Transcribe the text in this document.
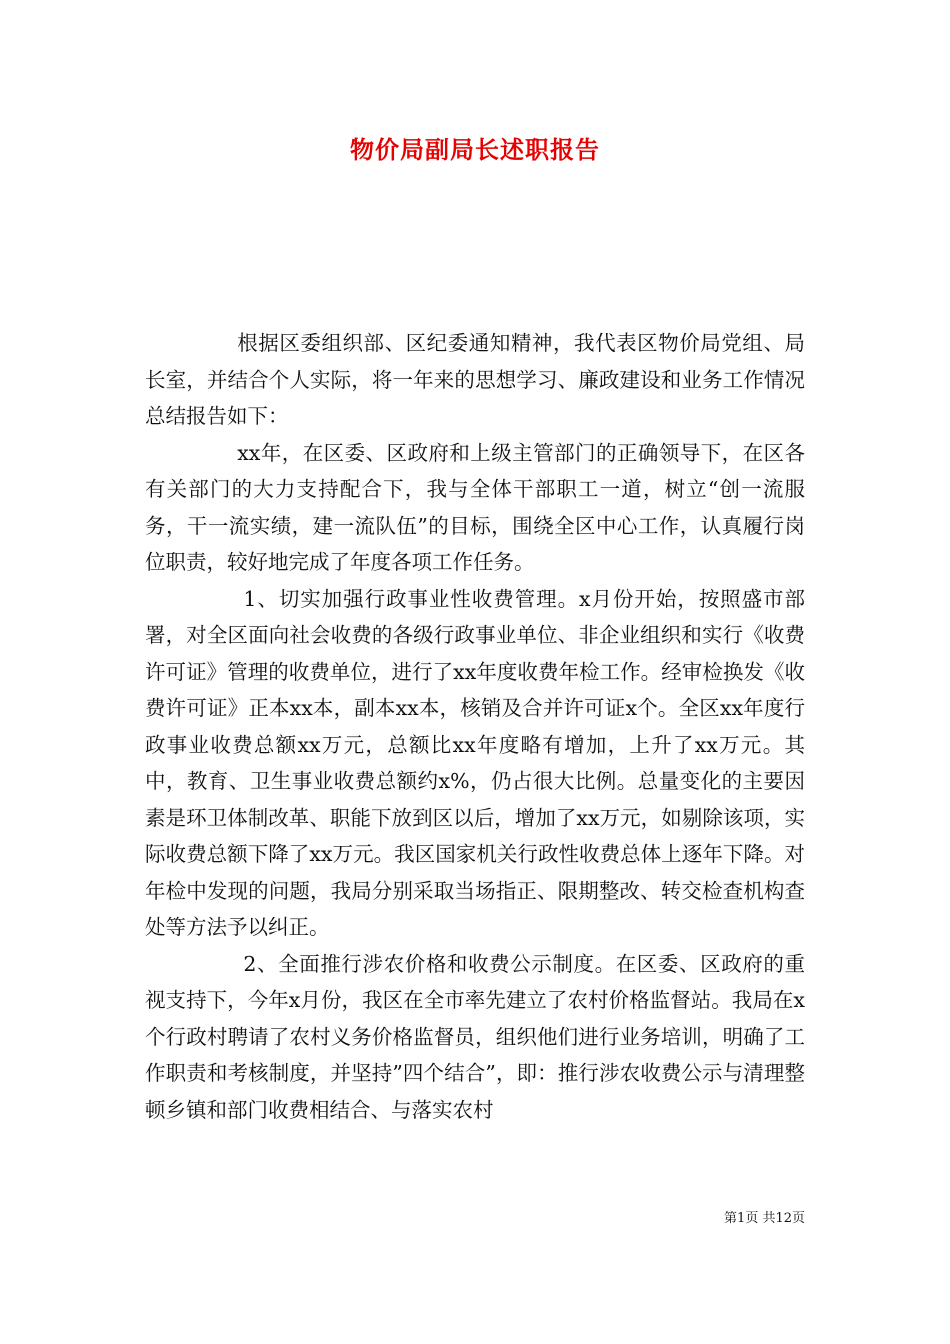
物价局副局长述职报告

根据区委组织部、区纪委通知精神，我代表区物价局党组、局长室，并结合个人实际，将一年来的思想学习、廉政建设和业务工作情况总结报告如下：

xx年，在区委、区政府和上级主管部门的正确领导下，在区各有关部门的大力支持配合下，我与全体干部职工一道，树立“创一流服务，干一流实绩，建一流队伍”的目标，围绕全区中心工作，认真履行岗位职责，较好地完成了年度各项工作任务。

1、切实加强行政事业性收费管理。x月份开始，按照盛市部署，对全区面向社会收费的各级行政事业单位、非企业组织和实行《收费许可证》管理的收费单位，进行了xx年度收费年检工作。经审检换发《收费许可证》正本xx本，副本xx本，核销及合并许可证x个。全区xx年度行政事业收费总额xx万元，总额比xx年度略有增加，上升了xx万元。其中，教育、卫生事业收费总额约x%，仍占很大比例。总量变化的主要因素是环卫体制改革、职能下放到区以后，增加了xx万元，如剔除该项，实际收费总额下降了xx万元。我区国家机关行政性收费总体上逐年下降。对年检中发现的问题，我局分别采取当场指正、限期整改、转交检查机构查处等方法予以纠正。

2、全面推行涉农价格和收费公示制度。在区委、区政府的重视支持下，今年x月份，我区在全市率先建立了农村价格监督站。我局在x个行政村聘请了农村义务价格监督员，组织他们进行业务培训，明确了工作职责和考核制度，并坚持”四个结合”，即：推行涉农收费公示与清理整顿乡镇和部门收费相结合、与落实农村

第1页 共12页
